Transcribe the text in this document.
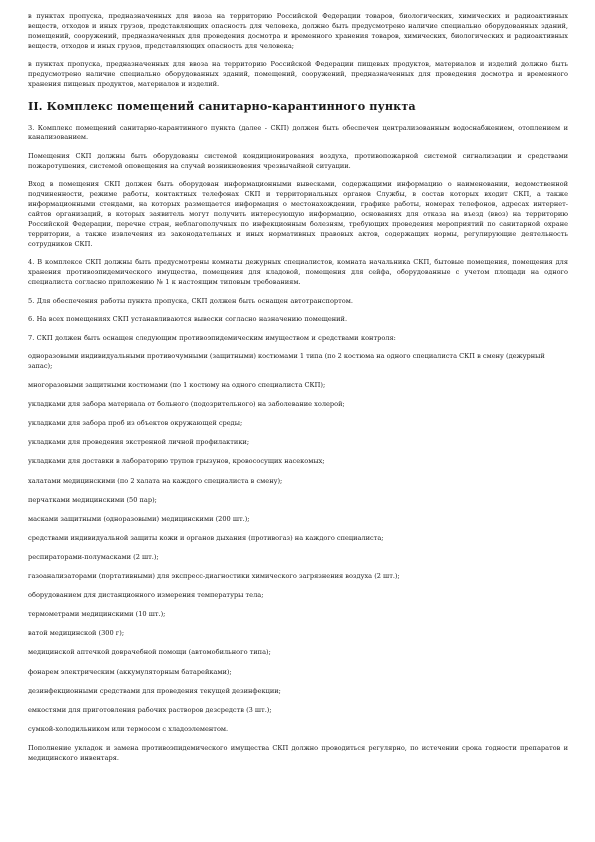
в пунктах пропуска, предназначенных для ввоза на территорию Российской Федерации товаров, биологических, химических и радиоактивных веществ, отходов и иных грузов, представляющих опасность для человека, должно быть предусмотрено наличие специально оборудованных зданий, помещений, сооружений, предназначенных для проведения досмотра и временного хранения товаров, химических, биологических и радиоактивных веществ, отходов и иных грузов, представляющих опасность для человека;

в пунктах пропуска, предназначенных для ввоза на территорию Российской Федерации пищевых продуктов, материалов и изделий должно быть предусмотрено наличие специально оборудованных зданий, помещений, сооружений, предназначенных для проведения досмотра и временного хранения пищевых продуктов, материалов и изделий.

II. Комплекс помещений санитарно-карантинного пункта

3. Комплекс помещений санитарно-карантинного пункта (далее - СКП) должен быть обеспечен централизованным водоснабжением, отоплением и канализованием.

Помещения СКП должны быть оборудованы системой кондиционирования воздуха, противопожарной системой сигнализации и средствами пожаротушения, системой оповещения на случай возникновения чрезвычайной ситуации.

Вход в помещения СКП должен быть оборудован информационными вывесками, содержащими информацию о наименовании, ведомственной подчиненности, режиме работы, контактных телефонах СКП и территориальных органов Службы, в состав которых входит СКП, а также информационными стендами, на которых размещается информация о местонахождении, графике работы, номерах телефонов, адресах интернет-сайтов организаций, в которых заявитель могут получить интересующую информацию, основаниях для отказа на въезд (ввоз) на территорию Российской Федерации, перечне стран, неблагополучных по инфекционным болезням, требующих проведения мероприятий по санитарной охране территории, а также извлечения из законодательных и иных нормативных правовых актов, содержащих нормы, регулирующие деятельность сотрудников СКП.

4. В комплексе СКП должны быть предусмотрены комнаты дежурных специалистов, комната начальника СКП, бытовые помещения, помещения для хранения противоэпидемического имущества, помещения для кладовой, помещения для сейфа, оборудованные с учетом площади на одного специалиста согласно приложению № 1 к настоящим типовым требованиям.

5. Для обеспечения работы пункта пропуска, СКП должен быть оснащен автотранспортом.

6. На всех помещениях СКП устанавливаются вывески согласно назначению помещений.

7. СКП должен быть оснащен следующим противоэпидемическим имуществом и средствами контроля:

одноразовыми индивидуальными противочумными (защитными) костюмами 1 типа (по 2 костюма на одного специалиста СКП в смену (дежурный запас);

многоразовыми защитными костюмами (по 1 костюму на одного специалиста СКП);

укладками для забора материала от больного (подозрительного) на заболевание холерой;

укладками для забора проб из объектов окружающей среды;

укладками для проведения экстренной личной профилактики;

укладками для доставки в лабораторию трупов грызунов, кровососущих насекомых;

халатами медицинскими (по 2 халата на каждого специалиста в смену);

перчатками медицинскими (50 пар);

масками защитными (одноразовыми) медицинскими (200 шт.);

средствами индивидуальной защиты кожи и органов дыхания (противогаз) на каждого специалиста;

респираторами-полумасками (2 шт.);

газоанализаторами (портативными) для экспресс-диагностики химического загрязнения воздуха (2 шт.);

оборудованием для дистанционного измерения температуры тела;

термометрами медицинскими (10 шт.);

ватой медицинской (300 г);

медицинской аптечкой доврачебной помощи (автомобильного типа);

фонарем электрическим (аккумуляторным батарейками);

дезинфекционными средствами для проведения текущей дезинфекции;

емкостями для приготовления рабочих растворов дезсредств (3 шт.);

сумкой-холодильником или термосом с хладоэлементом.

Пополнение укладок и замена противоэпидемического имущества СКП должно проводиться регулярно, по истечении срока годности препаратов и медицинского инвентаря.
